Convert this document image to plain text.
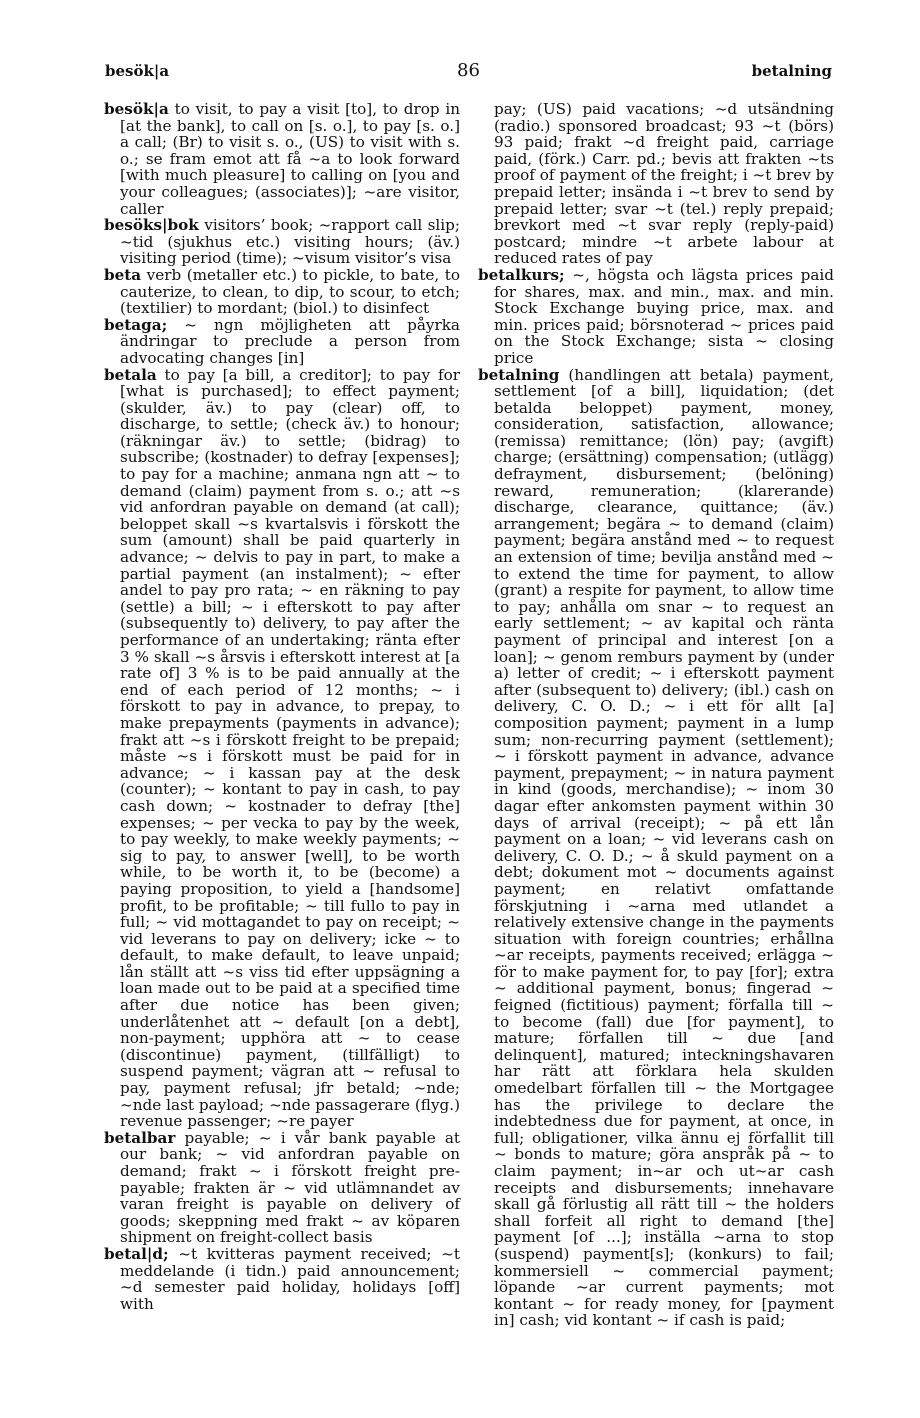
besök|a	86	betalning

besök|a to visit, to pay a visit [to], to drop in [at the bank], to call on [s. o.], to pay [s. o.] a call; (Br) to visit s. o., (US) to visit with s. o.; se fram emot att få ~a to look forward [with much pleasure] to calling on [you and your colleagues; (associates)]; ~are visitor, caller

besöks|bok visitors’ book; ~rapport call slip; ~tid (sjukhus etc.) visiting hours; (äv.) visiting period (time); ~visum visitor’s visa

beta verb (metaller etc.) to pickle, to bate, to cauterize, to clean, to dip, to scour, to etch; (textilier) to mordant; (biol.) to disinfect

betaga; ~ ngn möjligheten att påyrka ändringar to preclude a person from advocating changes [in]

betala to pay [a bill, a creditor]; to pay for [what is purchased]; to effect payment; (skulder, äv.) to pay (clear) off, to discharge, to settle; (check äv.) to honour; (räkningar äv.) to settle; (bidrag) to subscribe; (kostnader) to defray [expenses]; to pay for a machine; anmana ngn att ~ to demand (claim) payment from s. o.; att ~s vid anfordran payable on demand (at call); beloppet skall ~s kvartalsvis i förskott the sum (amount) shall be paid quarterly in advance; ~ delvis to pay in part, to make a partial payment (an instalment); ~ efter andel to pay pro rata; ~ en räkning to pay (settle) a bill; ~ i efterskott to pay after (subsequently to) delivery, to pay after the performance of an undertaking; ränta efter 3 % skall ~s årsvis i efterskott interest at [a rate of] 3 % is to be paid annually at the end of each period of 12 months; ~ i förskott to pay in advance, to prepay, to make prepayments (payments in advance); frakt att ~s i förskott freight to be prepaid; måste ~s i förskott must be paid for in advance; ~ i kassan pay at the desk (counter); ~ kontant to pay in cash, to pay cash down; ~ kostnader to defray [the] expenses; ~ per vecka to pay by the week, to pay weekly, to make weekly payments; ~ sig to pay, to answer [well], to be worth while, to be worth it, to be (become) a paying proposition, to yield a [handsome] profit, to be profitable; ~ till fullo to pay in full; ~ vid mottagandet to pay on receipt; ~ vid leverans to pay on delivery; icke ~ to default, to make default, to leave unpaid; lån ställt att ~s viss tid efter uppsägning a loan made out to be paid at a specified time after due notice has been given; underlåtenhet att ~ default [on a debt], non-payment; upphöra att ~ to cease (discontinue) payment, (tillfälligt) to suspend payment; vägran att ~ refusal to pay, payment refusal; jfr betald; ~nde; ~nde last payload; ~nde passagerare (flyg.) revenue passenger; ~re payer

betalbar payable; ~ i vår bank payable at our bank; ~ vid anfordran payable on demand; frakt ~ i förskott freight pre-payable; frakten är ~ vid utlämnandet av varan freight is payable on delivery of goods; skeppning med frakt ~ av köparen shipment on freight-collect basis

betal|d; ~t kvitteras payment received; ~t meddelande (i tidn.) paid announcement; ~d semester paid holiday, holidays [off] with

pay; (US) paid vacations; ~d utsändning (radio.) sponsored broadcast; 93 ~t (börs) 93 paid; frakt ~d freight paid, carriage paid, (förk.) Carr. pd.; bevis att frakten ~ts proof of payment of the freight; i ~t brev by prepaid letter; insända i ~t brev to send by prepaid letter; svar ~t (tel.) reply prepaid; brevkort med ~t svar reply (reply-paid) postcard; mindre ~t arbete labour at reduced rates of pay

betalkurs; ~, högsta och lägsta prices paid for shares, max. and min., max. and min. Stock Exchange buying price, max. and min. prices paid; börsnoterad ~ prices paid on the Stock Exchange; sista ~ closing price

betalning (handlingen att betala) payment, settlement [of a bill], liquidation; (det betalda beloppet) payment, money, consideration, satisfaction, allowance; (remissa) remittance; (lön) pay; (avgift) charge; (ersättning) compensation; (utlägg) defrayment, disbursement; (belöning) reward, remuneration; (klarerande) discharge, clearance, quittance; (äv.) arrangement; begära ~ to demand (claim) payment; begära anstånd med ~ to request an extension of time; bevilja anstånd med ~ to extend the time for payment, to allow (grant) a respite for payment, to allow time to pay; anhålla om snar ~ to request an early settlement; ~ av kapital och ränta payment of principal and interest [on a loan]; ~ genom remburs payment by (under a) letter of credit; ~ i efterskott payment after (subsequent to) delivery; (ibl.) cash on delivery, C. O. D.; ~ i ett för allt [a] composition payment; payment in a lump sum; non-recurring payment (settlement); ~ i förskott payment in advance, advance payment, prepayment; ~ in natura payment in kind (goods, merchandise); ~ inom 30 dagar efter ankomsten payment within 30 days of arrival (receipt); ~ på ett lån payment on a loan; ~ vid leverans cash on delivery, C. O. D.; ~ å skuld payment on a debt; dokument mot ~ documents against payment; en relativt omfattande förskjutning i ~arna med utlandet a relatively extensive change in the payments situation with foreign countries; erhållna ~ar receipts, payments received; erlägga ~ för to make payment for, to pay [for]; extra ~ additional payment, bonus; fingerad ~ feigned (fictitious) payment; förfalla till ~ to become (fall) due [for payment], to mature; förfallen till ~ due [and delinquent], matured; inteckningshavaren har rätt att förklara hela skulden omedelbart förfallen till ~ the Mortgagee has the privilege to declare the indebtedness due for payment, at once, in full; obligationer, vilka ännu ej förfallit till ~ bonds to mature; göra anspråk på ~ to claim payment; in~ar och ut~ar cash receipts and disbursements; innehavare skall gå förlustig all rätt till ~ the holders shall forfeit all right to demand [the] payment [of ...]; inställa ~arna to stop (suspend) payment[s]; (konkurs) to fail; kommersiell ~ commercial payment; löpande ~ar current payments; mot kontant ~ for ready money, for [payment in] cash; vid kontant ~ if cash is paid;
